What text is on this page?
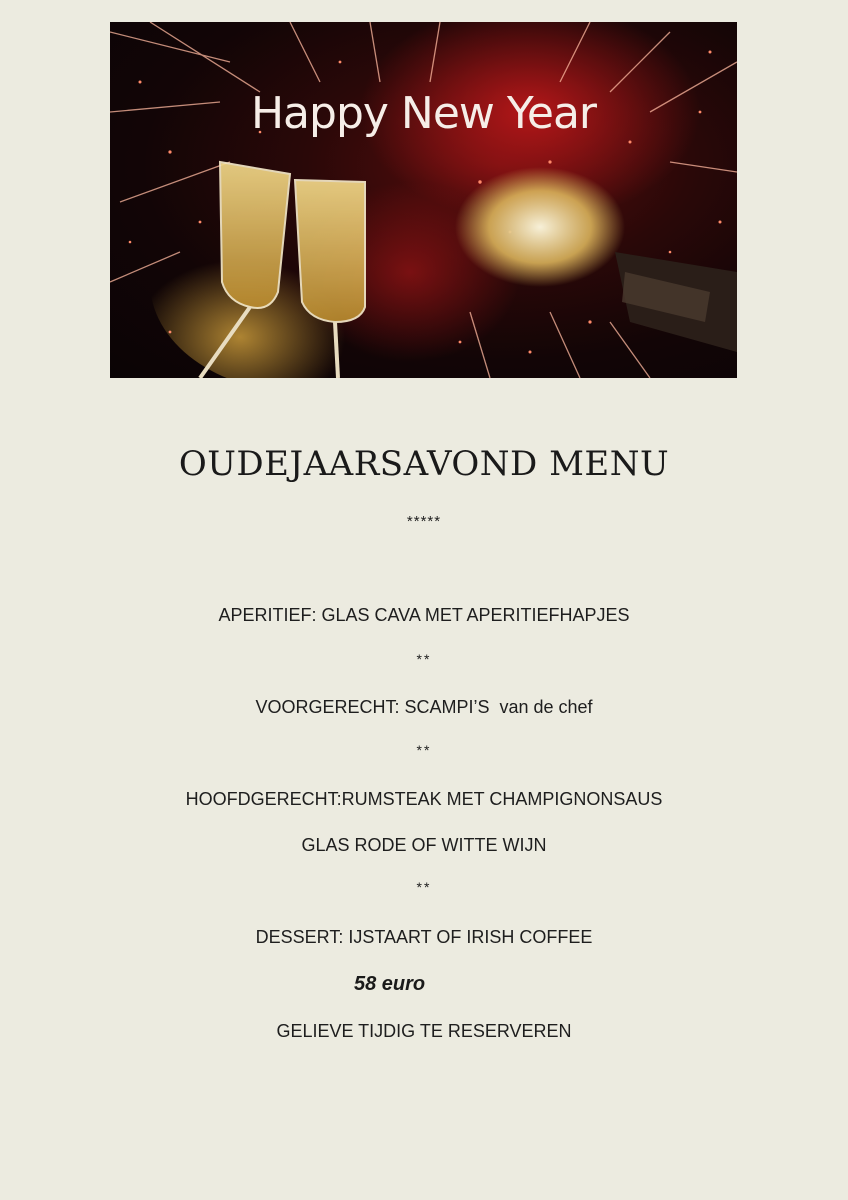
Happy New Year
OUDEJAARSAVOND MENU
*****
APERITIEF: GLAS CAVA MET APERITIEFHAPJES
**
VOORGERECHT: SCAMPI’S  van de chef
**
HOOFDGERECHT:RUMSTEAK MET CHAMPIGNONSAUS
GLAS RODE OF WITTE WIJN
**
DESSERT: IJSTAART OF IRISH COFFEE
58 euro
GELIEVE TIJDIG TE RESERVEREN
